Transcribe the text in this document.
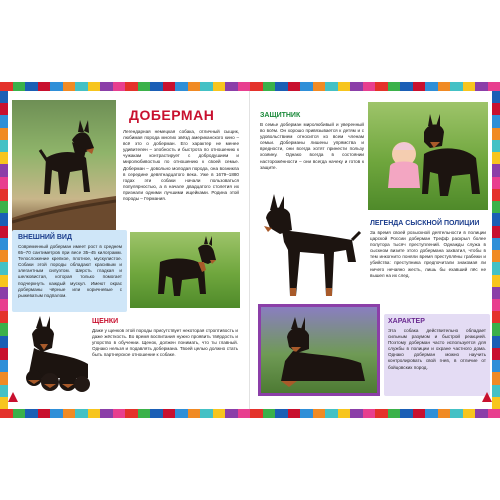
ДОБЕРМАН
Легендарная немецкая собака, отличный сыщик, любимая порода многих звёзд американского кино – всё это о доберман. Его характер не менее удивителен – злобность и быстрота по отношению к чужакам контрастирует с добродушием и миролюбивостью по отношению к своей семье. Доберман – довольно молодая порода, она возникла в середине девятнадцатого века. Уже в 1679–1880 годах эти собаки начали пользоваться популярностью, а в начале двадцатого столетия их признали одними лучшими ищейками. Родина этой породы – Германия.
ВНЕШНИЙ ВИД
Современный доберман имеет рост в среднем 65–70 сантиметров при весе 35–45 килограмм. Телосложение крепкое, плотное, мускулистое. Собаки этой породы обладают красивым и элегантным силуэтом. Шерсть гладкая и шелковистая, которая только помогает подчеркнуть каждый мускул. Имеют окрас доберманы чёрные или коричневые с рыжеватым подпалом.
ЩЕНКИ
Даже у щенков этой породы присутствует некоторая строптивость и даже жёсткость. Во время воспитания нужно проявить твёрдость и упорство в обучении. Щенок, должен понимать, что ты главный. Однако нельзя и подавлять добермана. Твоей целью должно стать быть партнерское отношение к собаке.
ЗАЩИТНИК
В семье доберман миролюбивый и уверенный во всём. Он хорошо привязывается к детям и с удовольствием относится ко всем членам семьи. Доберманы лишены упрямства и вредности, они всегда хотят принести пользу хозяину. Однако всегда в состоянии насторожённости – они всегда начеку и готов к защите.
ЛЕГЕНДА СЫСКНОЙ ПОЛИЦИИ
За время своей розыскной деятельности в полиции царской России доберман Трефф раскрыл более полутора тысяч преступлений. Однажды служа в сыскном визите этого добермана захватил, чтобы в тем инкогнито поняли время преступлёны грабежи и убийства: преступника предпочитали знакомая ли ничего нечаяно жесть, лишь бы ехавший пёс не вышел на их след.
ХАРАКТЕР
Эта собака действительно обладает сильным разумом и быстрой реакцией. Поэтому доберман часто используется для службы в полиции и охране частного дома. Однако доберман можно научить контролировать свой гнев, в отличие от бойцовских пород.
